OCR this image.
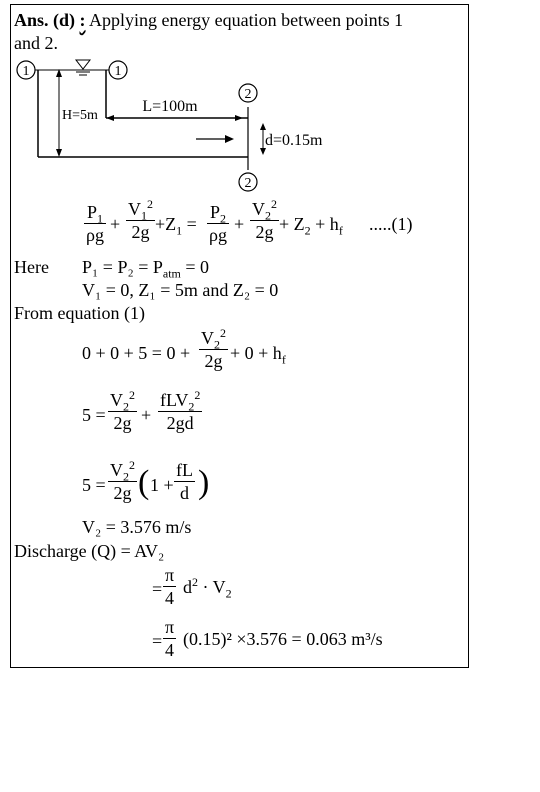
Ans. (d) : Applying energy equation between points 1
and 2.
1	1
H=5m
L=100m
2
2
d=0.15m
$\frac{P_1}{\rho g} + \frac{V_1^2}{2g} +Z_1 = \frac{P_2}{\rho g} + \frac{V_2^2}{2g} + Z_2 + h_f$ .....(1)
Here $P_1 = P_2 = P_{atm} = 0$
V₁ = 0, Z₁ = 5m and Z₂ = 0
From equation (1)
$0 + 0 + 5 = 0 + \frac{V_2^2}{2g} + 0 + h_f$
$5 = \frac{V_2^2}{2g}$ +
fLV$_2^2$
2gd
$5 = \frac{V_2^2}{2g}$ ( $1 + \frac{fL}{d}$ )
V₂ = 3.576 m/s
Discharge (Q) = AV₂
= $\frac{\pi}{4} d^2 \cdot V_2$
= $\frac{\pi}{4} (0.15)^2 \times 3.576 = 0.063$ m³/s
